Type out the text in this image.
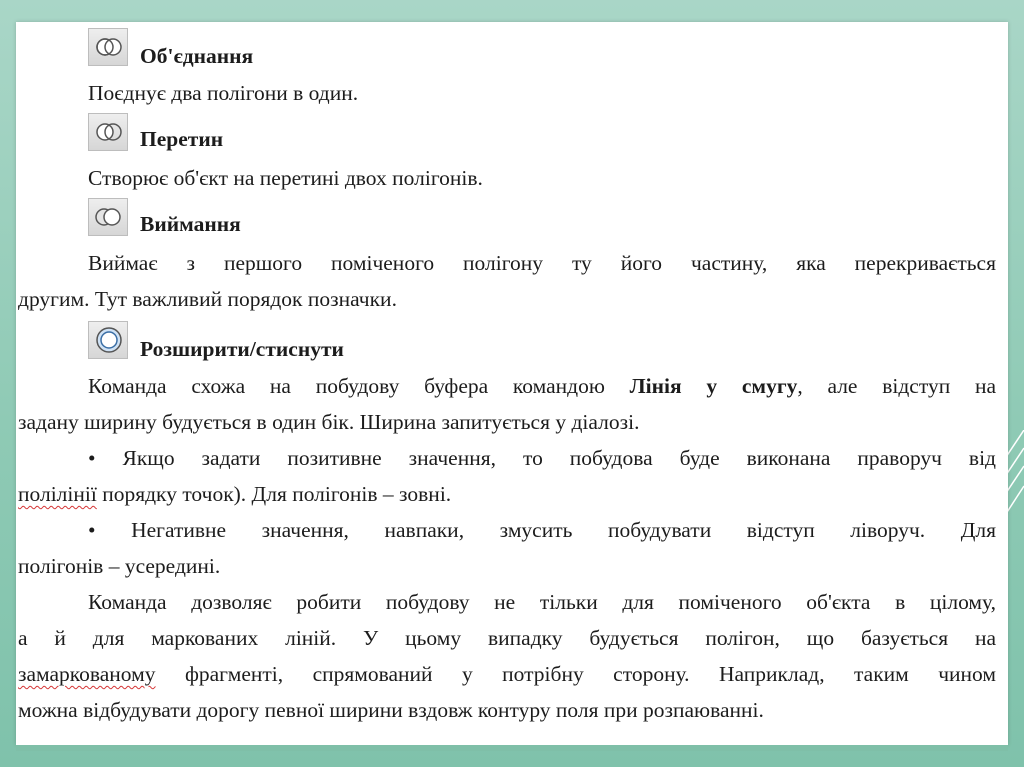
Об'єднання
Поєднує два полігони в один.
Перетин
Створює об'єкт на перетині двох полігонів.
Виймання
Виймає з першого поміченого полігону ту його частину, яка перекривається
другим. Тут важливий порядок позначки.
Розширити/стиснути
Команда схожа на побудову буфера командою Лінія у смугу, але відступ на
задану ширину будується в один бік. Ширина запитується у діалозі.
• Якщо задати позитивне значення, то побудова буде виконана праворуч від
полілінії порядку точок). Для полігонів – зовні.
• Негативне значення, навпаки, змусить побудувати відступ ліворуч. Для
полігонів – усередині.
Команда дозволяє робити побудову не тільки для поміченого об'єкта в цілому,
а й для маркованих ліній. У цьому випадку будується полігон, що базується на
замаркованому фрагменті, спрямований у потрібну сторону. Наприклад, таким чином
можна відбудувати дорогу певної ширини вздовж контуру поля при розпаюванні.
